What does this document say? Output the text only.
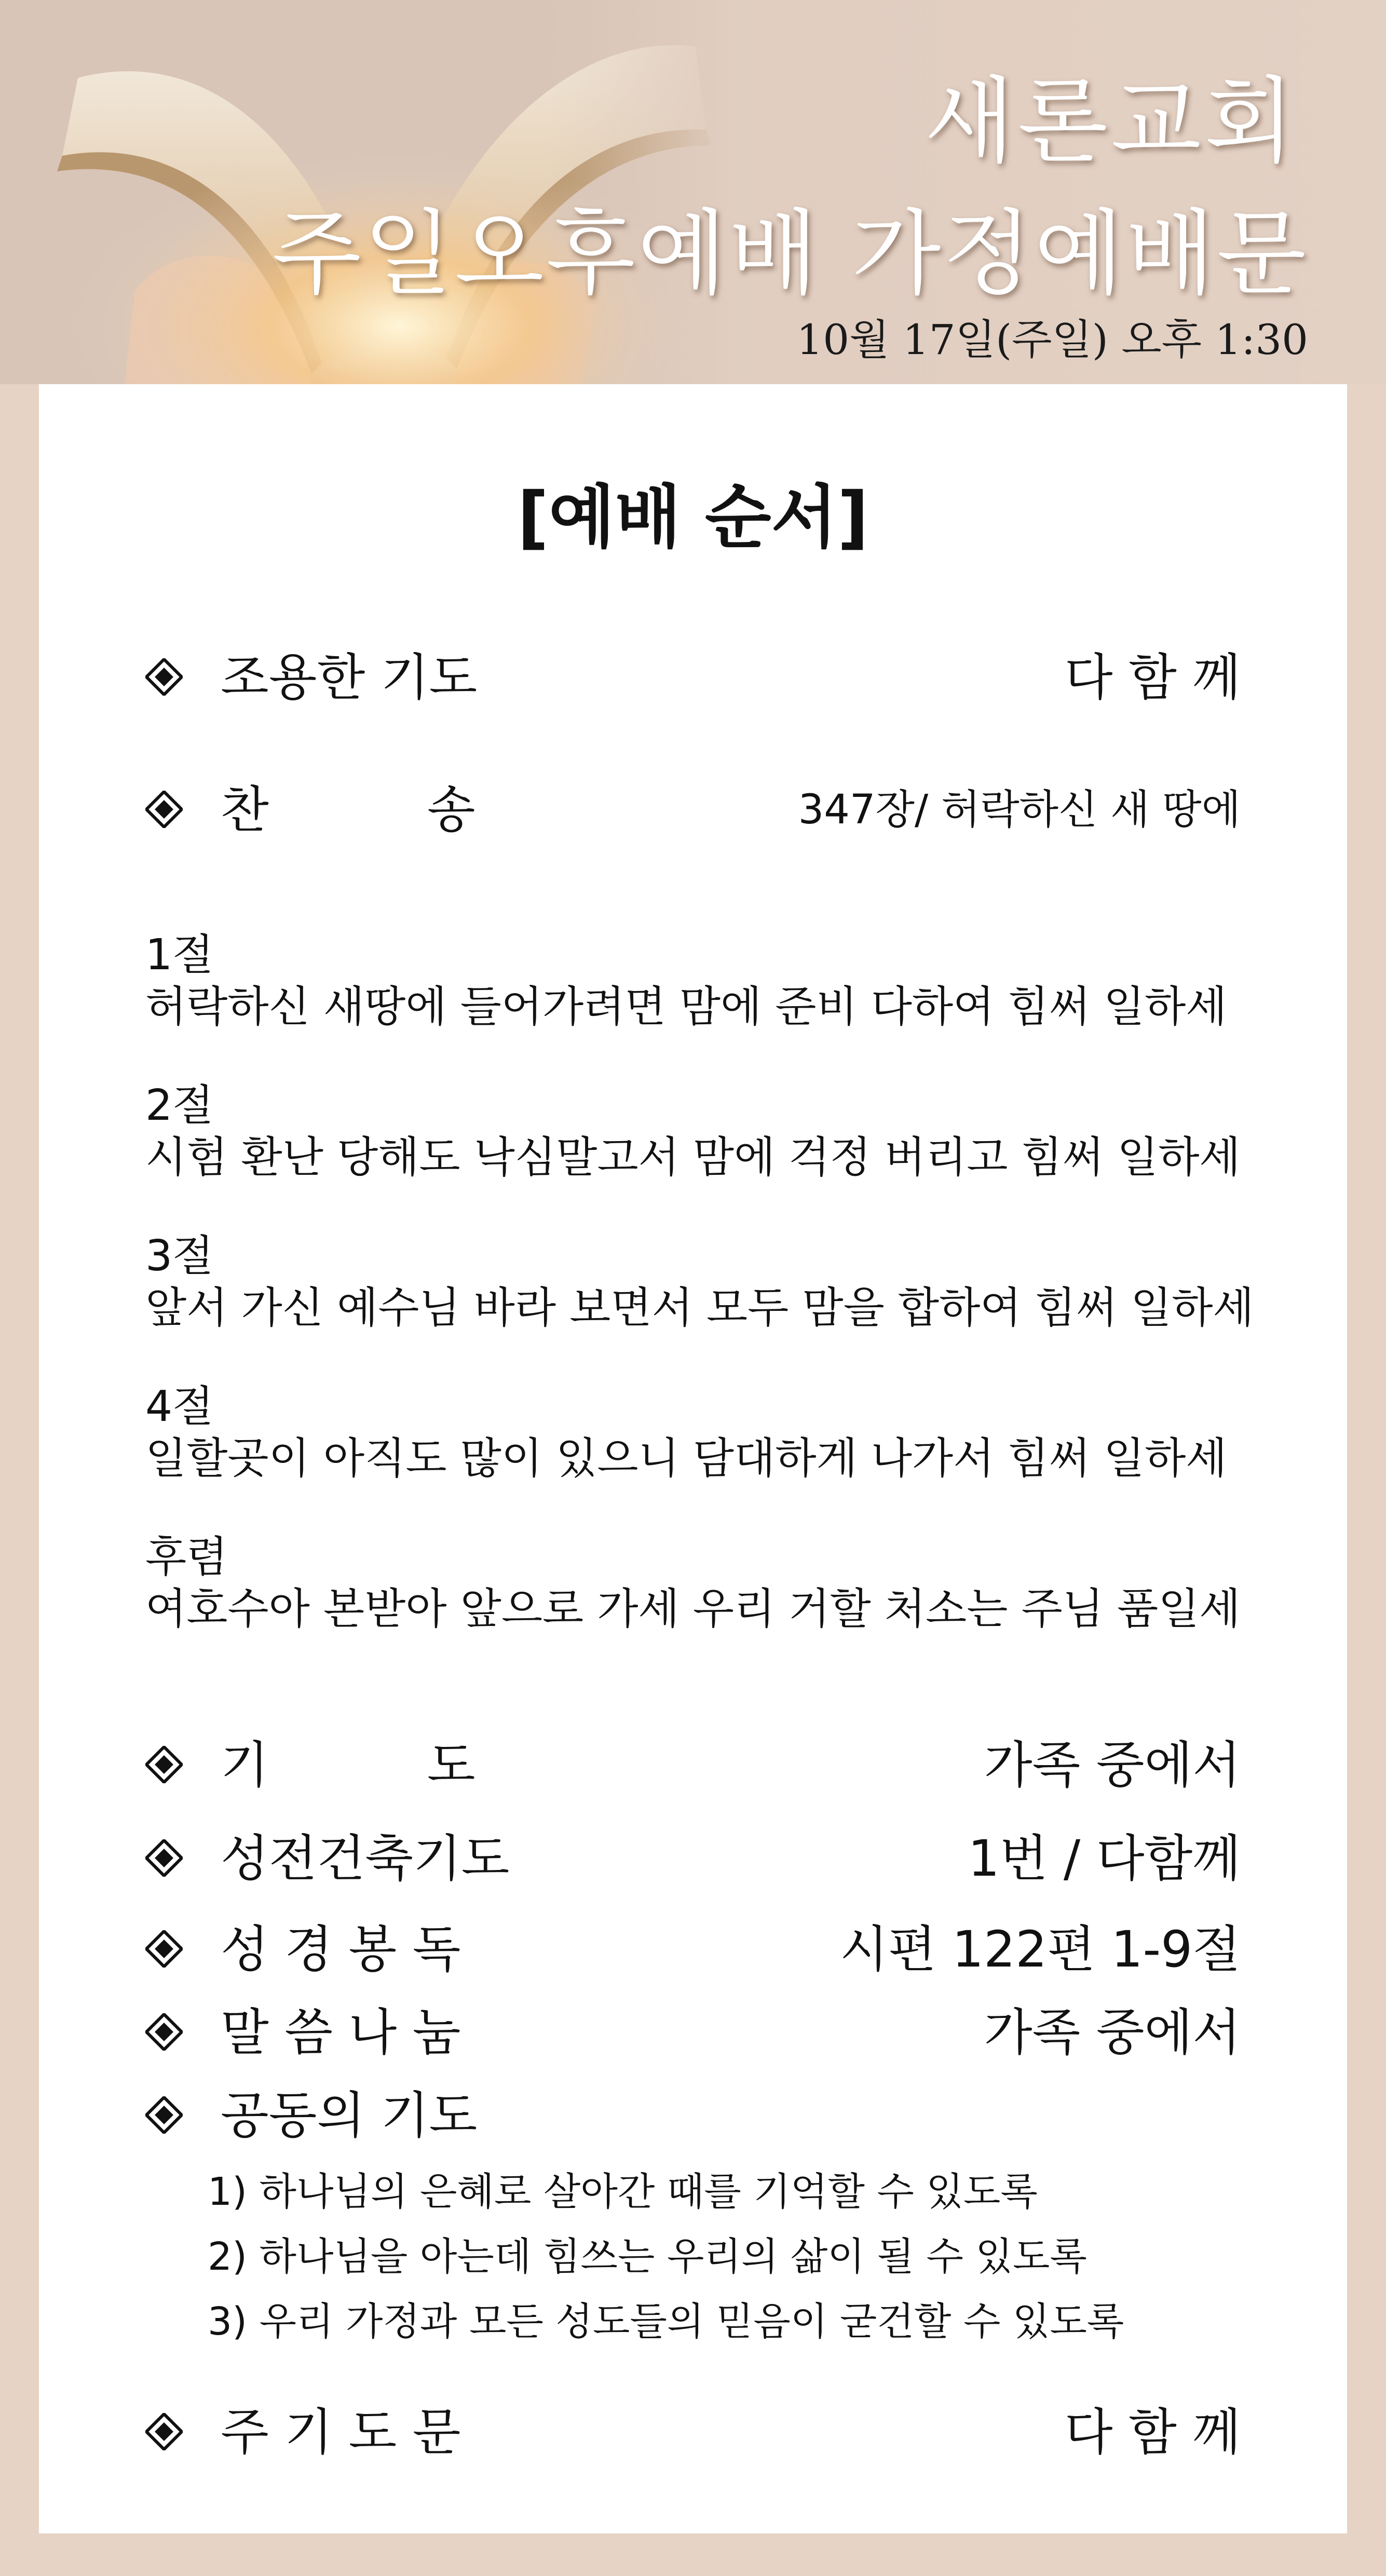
새론교회
주일오후예배 가정예배문
10월 17일(주일) 오후 1:30
[예배 순서]
조용한 기도	다 함 께
찬          송	347장/ 허락하신 새 땅에
1절
허락하신 새땅에 들어가려면 맘에 준비 다하여 힘써 일하세
2절
시험 환난 당해도 낙심말고서 맘에 걱정 버리고 힘써 일하세
3절
앞서 가신 예수님 바라 보면서 모두 맘을 합하여 힘써 일하세
4절
일할곳이 아직도 많이 있으니 담대하게 나가서 힘써 일하세
후렴
여호수아 본받아 앞으로 가세 우리 거할 처소는 주님 품일세
기          도	가족 중에서
성전건축기도	1번 / 다함께
성 경 봉 독	시편 122편 1-9절
말 씀 나 눔	가족 중에서
공동의 기도
1) 하나님의 은혜로 살아간 때를 기억할 수 있도록
2) 하나님을 아는데 힘쓰는 우리의 삶이 될 수 있도록
3) 우리 가정과 모든 성도들의 믿음이 굳건할 수 있도록
주 기 도 문	다 함 께
